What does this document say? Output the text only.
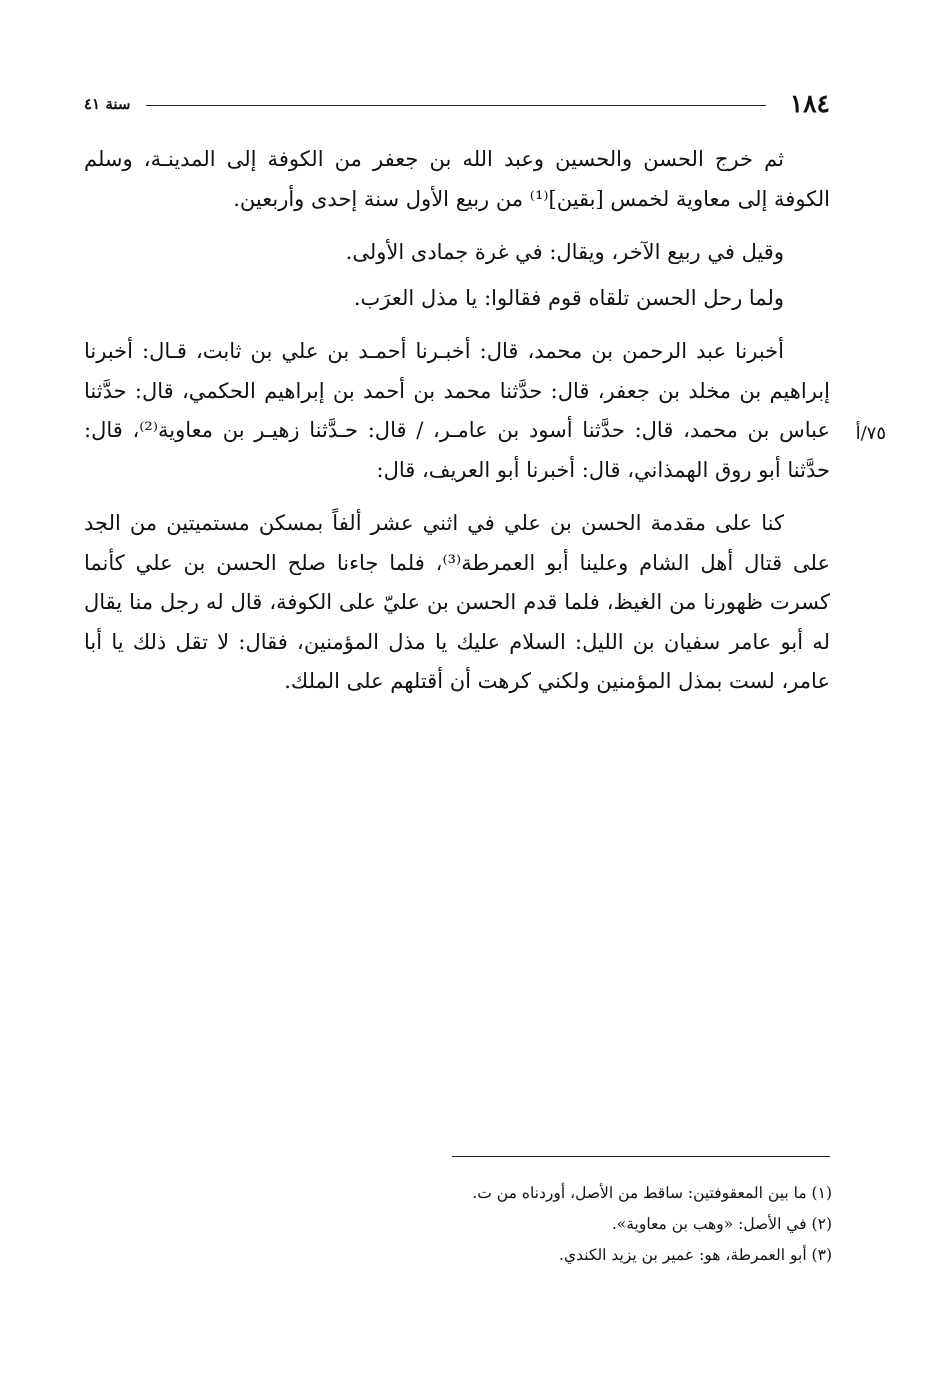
١٨٤
سنة ٤١

ثم خرج الحسن والحسين وعبد الله بن جعفر من الكوفة إلى المدينـة، وسلم الكوفة إلى معاوية لخمس [بقين]⁽¹⁾ من ربيع الأول سنة إحدى وأربعين.

وقيل في ربيع الآخر، ويقال: في غرة جمادى الأولى.

ولما رحل الحسن تلقاه قوم فقالوا: يا مذل العرَب.

٧٥/أ

أخبرنا عبد الرحمن بن محمد، قال: أخبـرنا أحمـد بن علي بن ثابت، قـال: أخبرنا إبراهيم بن مخلد بن جعفر، قال: حدَّثنا محمد بن أحمد بن إبراهيم الحكمي، قال: حدَّثنا عباس بن محمد، قال: حدَّثنا أسود بن عامـر، / قال: حـدَّثنا زهيـر بن معاوية⁽²⁾، قال: حدَّثنا أبو روق الهمذاني، قال: أخبرنا أبو العريف، قال:

كنا على مقدمة الحسن بن علي في اثني عشر ألفاً بمسكن مستميتين من الجد على قتال أهل الشام وعلينا أبو العمرطة⁽³⁾، فلما جاءنا صلح الحسن بن علي كأنما كسرت ظهورنا من الغيظ، فلما قدم الحسن بن عليّ على الكوفة، قال له رجل منا يقال له أبو عامر سفيان بن الليل: السلام عليك يا مذل المؤمنين، فقال: لا تقل ذلك يا أبا عامر، لست بمذل المؤمنين ولكني كرهت أن أقتلهم على الملك.

(١) ما بين المعقوفتين: ساقط من الأصل، أوردناه من ت.

(٢) في الأصل: «وهب بن معاوية».

(٣) أبو العمرطة، هو: عمير بن يزيد الكندي.
